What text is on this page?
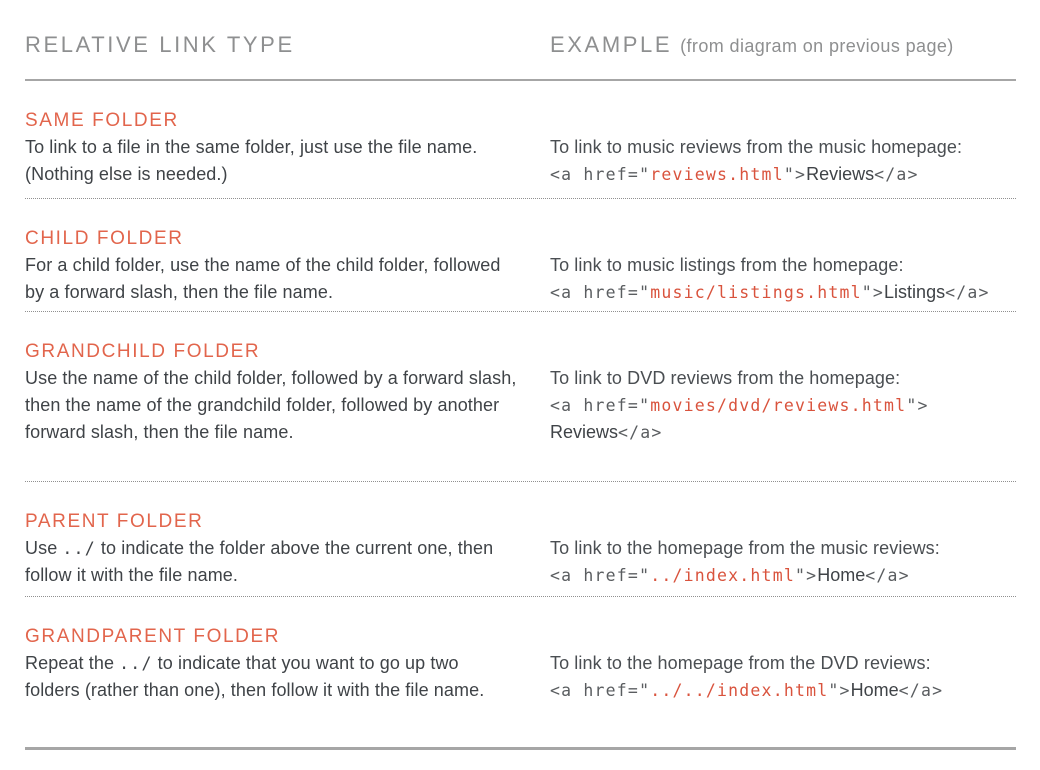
RELATIVE LINK TYPE	EXAMPLE (from diagram on previous page)
SAME FOLDER

To link to a file in the same folder, just use the file name. (Nothing else is needed.)

To link to music reviews from the music homepage:

<a href="reviews.html">Reviews</a>

CHILD FOLDER

For a child folder, use the name of the child folder, followed by a forward slash, then the file name.

To link to music listings from the homepage:

<a href="music/listings.html">Listings</a>

GRANDCHILD FOLDER

Use the name of the child folder, followed by a forward slash, then the name of the grandchild folder, followed by another forward slash, then the file name.

To link to DVD reviews from the homepage:

<a href="movies/dvd/reviews.html">
Reviews</a>

PARENT FOLDER

Use ../ to indicate the folder above the current one, then follow it with the file name.

To link to the homepage from the music reviews:

<a href="../index.html">Home</a>

GRANDPARENT FOLDER

Repeat the ../ to indicate that you want to go up two folders (rather than one), then follow it with the file name.

To link to the homepage from the DVD reviews:

<a href="../../index.html">Home</a>
